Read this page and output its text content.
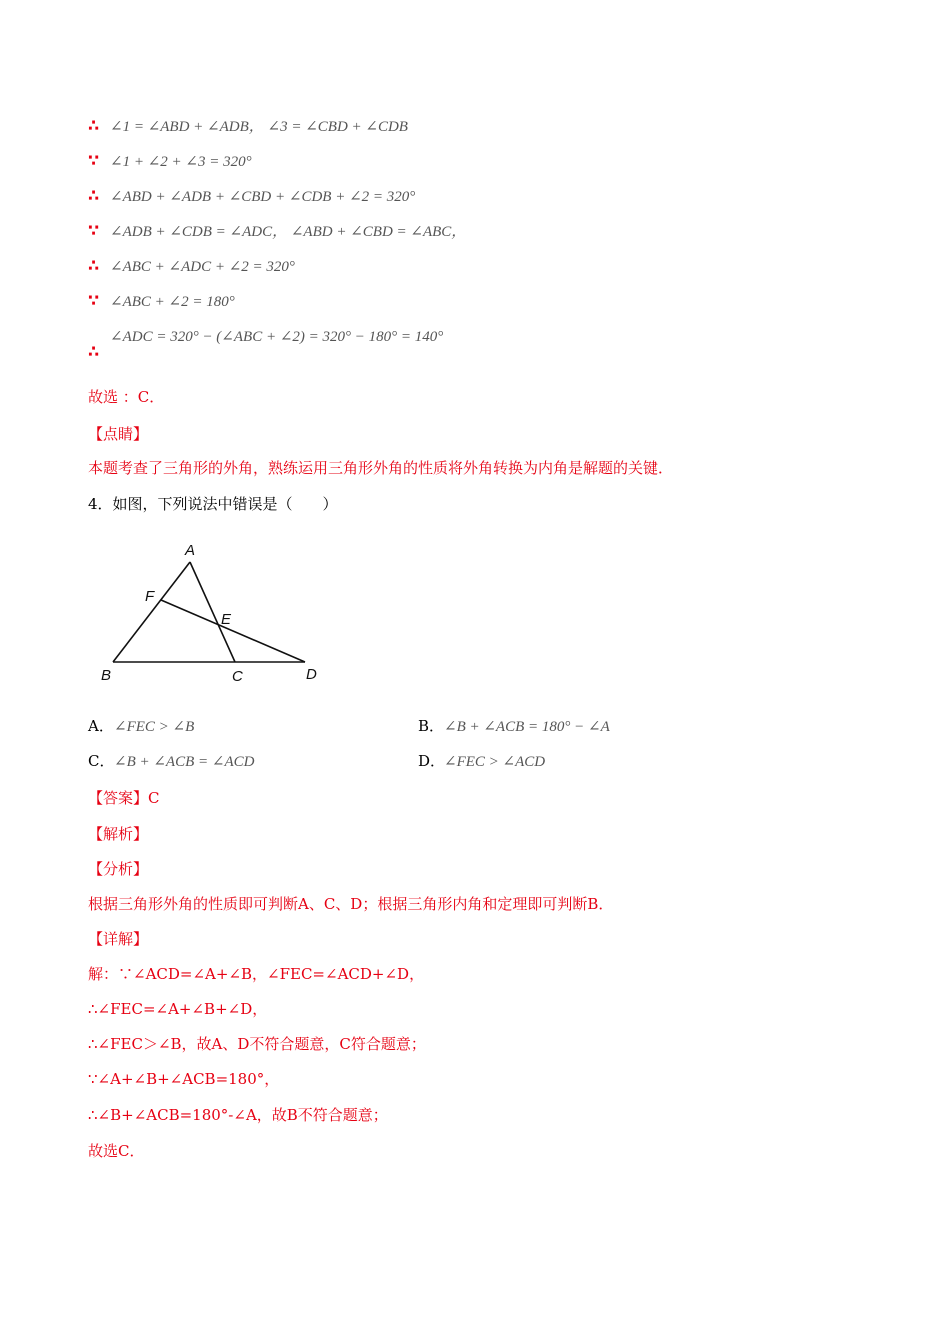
∴ ∠1 = ∠ABD + ∠ADB， ∠3 = ∠CBD + ∠CDB
∵ ∠1 + ∠2 + ∠3 = 320°
∴ ∠ABD + ∠ADB + ∠CBD + ∠CDB + ∠2 = 320°
∵ ∠ADB + ∠CDB = ∠ADC， ∠ABD + ∠CBD = ∠ABC，
∴ ∠ABC + ∠ADC + ∠2 = 320°
∵ ∠ABC + ∠2 = 180°
∴∠ADC = 320° − (∠ABC + ∠2) = 320° − 180° = 140°
故选 ：C．
【点睛】
本题考查了三角形的外角，熟练运用三角形外角的性质将外角转换为内角是解题的关键．
4．如图，下列说法中错误是（　　）
A
F
E
B	C	D
A．∠FEC > ∠B	B．∠B + ∠ACB = 180° − ∠A
C．∠B + ∠ACB = ∠ACD	D．∠FEC > ∠ACD
【答案】C
【解析】
【分析】
根据三角形外角的性质即可判断A、C、D；根据三角形内角和定理即可判断B．
【详解】
解：∵∠ACD=∠A+∠B，∠FEC=∠ACD+∠D，
∴∠FEC=∠A+∠B+∠D，
∴∠FEC＞∠B，故A、D不符合题意，C符合题意；
∵∠A+∠B+∠ACB=180°，
∴∠B+∠ACB=180°-∠A，故B不符合题意；
故选C．
